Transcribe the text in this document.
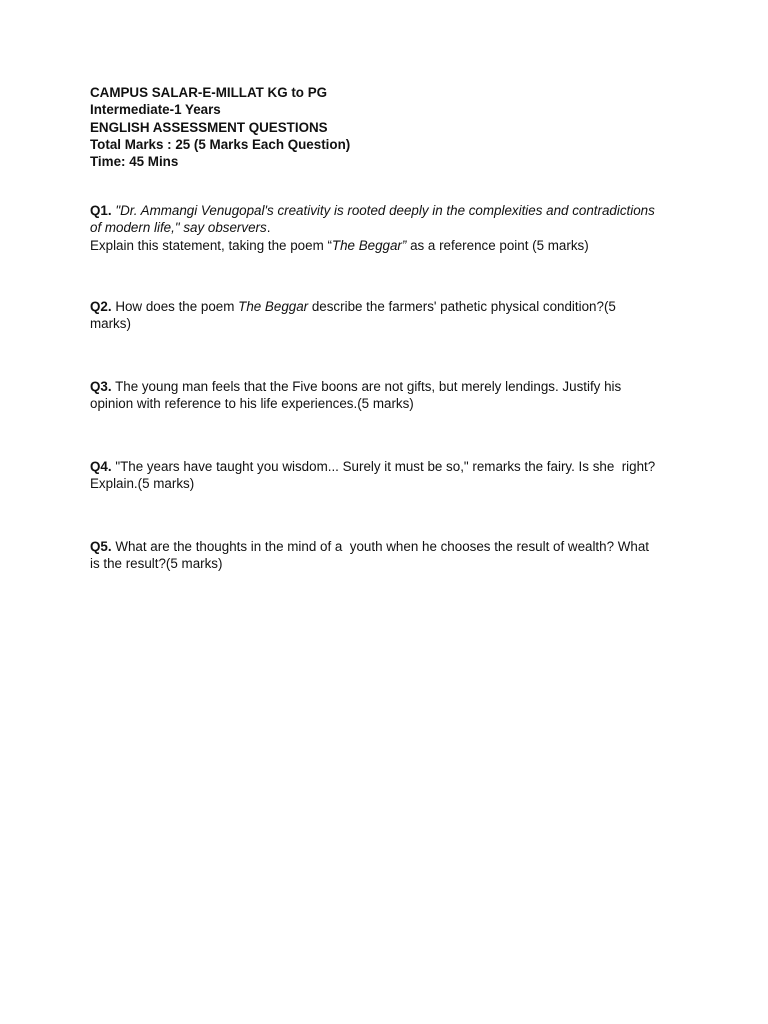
CAMPUS SALAR-E-MILLAT KG to PG
Intermediate-1 Years
ENGLISH ASSESSMENT QUESTIONS
Total Marks : 25 (5 Marks Each Question)
Time: 45 Mins

Q1. "Dr. Ammangi Venugopal's creativity is rooted deeply in the complexities and contradictions
of modern life," say observers.

Explain this statement, taking the poem “The Beggar” as a reference point (5 marks)

Q2. How does the poem The Beggar describe the farmers' pathetic physical condition?(5
marks)

Q3. The young man feels that the Five boons are not gifts, but merely lendings. Justify his
opinion with reference to his life experiences.(5 marks)

Q4. "The years have taught you wisdom... Surely it must be so," remarks the fairy. Is she  right?
Explain.(5 marks)

Q5. What are the thoughts in the mind of a  youth when he chooses the result of wealth? What
is the result?(5 marks)
